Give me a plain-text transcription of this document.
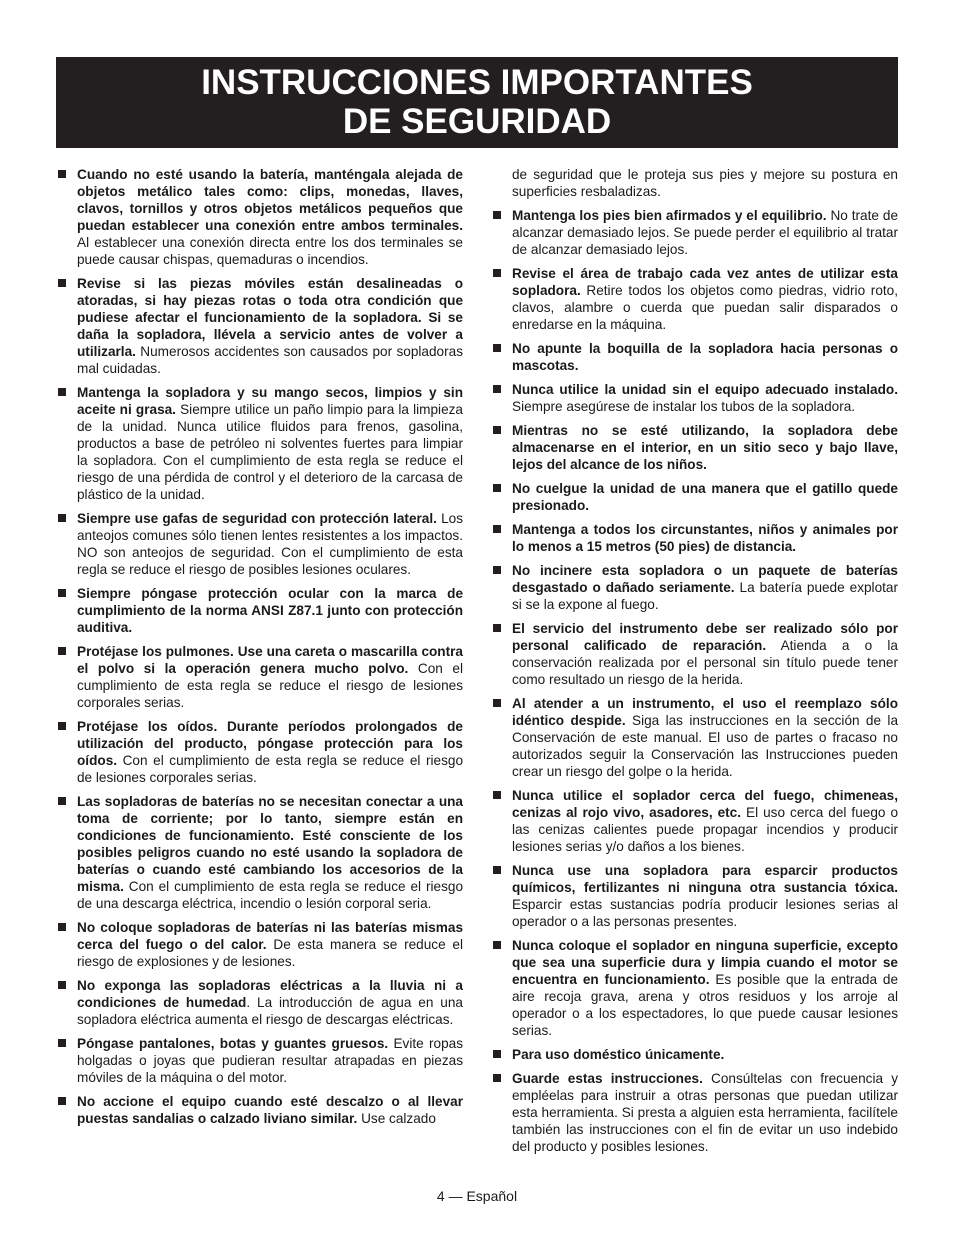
INSTRUCCIONES IMPORTANTES
DE SEGURIDAD
Cuando no esté usando la batería, manténgala alejada de objetos metálico tales como: clips, monedas, llaves, clavos, tornillos y otros objetos metálicos pequeños que puedan establecer una conexión entre ambos terminales. Al establecer una conexión directa entre los dos terminales se puede causar chispas, quemaduras o incendios.
Revise si las piezas móviles están desalineadas o atoradas, si hay piezas rotas o toda otra condición que pudiese afectar el funcionamiento de la sopladora. Si se daña la sopladora, llévela a servicio antes de volver a utilizarla. Numerosos accidentes son causados por sopladoras mal cuidadas.
Mantenga la sopladora y su mango secos, limpios y sin aceite ni grasa. Siempre utilice un paño limpio para la limpieza de la unidad. Nunca utilice fluidos para frenos, gasolina, productos a base de petróleo ni solventes fuertes para limpiar la sopladora. Con el cumplimiento de esta regla se reduce el riesgo de una pérdida de control y el deterioro de la carcasa de plástico de la unidad.
Siempre use gafas de seguridad con protección lateral. Los anteojos comunes sólo tienen lentes resistentes a los impactos. NO son anteojos de seguridad. Con el cumplimiento de esta regla se reduce el riesgo de posibles lesiones oculares.
Siempre póngase protección ocular con la marca de cumplimiento de la norma ANSI Z87.1 junto con protección auditiva.
Protéjase los pulmones. Use una careta o mascarilla contra el polvo si la operación genera mucho polvo. Con el cumplimiento de esta regla se reduce el riesgo de lesiones corporales serias.
Protéjase los oídos. Durante períodos prolongados de utilización del producto, póngase protección para los oídos. Con el cumplimiento de esta regla se reduce el riesgo de lesiones corporales serias.
Las sopladoras de baterías no se necesitan conectar a una toma de corriente; por lo tanto, siempre están en condiciones de funcionamiento. Esté consciente de los posibles peligros cuando no esté usando la sopladora de baterías o cuando esté cambiando los accesorios de la misma. Con el cumplimiento de esta regla se reduce el riesgo de una descarga eléctrica, incendio o lesión corporal seria.
No coloque sopladoras de baterías ni las baterías mismas cerca del fuego o del calor. De esta manera se reduce el riesgo de explosiones y de lesiones.
No exponga las sopladoras eléctricas a la lluvia ni a condiciones de humedad. La introducción de agua en una sopladora eléctrica aumenta el riesgo de descargas eléctricas.
Póngase pantalones, botas y guantes gruesos. Evite ropas holgadas o joyas que pudieran resultar atrapadas en piezas móviles de la máquina o del motor.
No accione el equipo cuando esté descalzo o al llevar puestas sandalias o calzado liviano similar. Use calzado
de seguridad que le proteja sus pies y mejore su postura en superficies resbaladizas.
Mantenga los pies bien afirmados y el equilibrio. No trate de alcanzar demasiado lejos. Se puede perder el equilibrio al tratar de alcanzar demasiado lejos.
Revise el área de trabajo cada vez antes de utilizar esta sopladora. Retire todos los objetos como piedras, vidrio roto, clavos, alambre o cuerda que puedan salir disparados o enredarse en la máquina.
No apunte la boquilla de la sopladora hacia personas o mascotas.
Nunca utilice la unidad sin el equipo adecuado instalado. Siempre asegúrese de instalar los tubos de la sopladora.
Mientras no se esté utilizando, la sopladora debe almacenarse en el interior, en un sitio seco y bajo llave, lejos del alcance de los niños.
No cuelgue la unidad de una manera que el gatillo quede presionado.
Mantenga a todos los circunstantes, niños y animales por lo menos a 15 metros (50 pies) de distancia.
No incinere esta sopladora o un paquete de baterías desgastado o dañado seriamente. La batería puede explotar si se la expone al fuego.
El servicio del instrumento debe ser realizado sólo por personal calificado de reparación. Atienda a o la conservación realizada por el personal sin título puede tener como resultado un riesgo de la herida.
Al atender a un instrumento, el uso el reemplazo sólo idéntico despide. Siga las instrucciones en la sección de la Conservación de este manual. El uso de partes o fracaso no autorizados seguir la Conservación las Instrucciones pueden crear un riesgo del golpe o la herida.
Nunca utilice el soplador cerca del fuego, chimeneas, cenizas al rojo vivo, asadores, etc. El uso cerca del fuego o las cenizas calientes puede propagar incendios y producir lesiones serias y/o daños a los bienes.
Nunca use una sopladora para esparcir productos químicos, fertilizantes ni ninguna otra sustancia tóxica. Esparcir estas sustancias podría producir lesiones serias al operador o a las personas presentes.
Nunca coloque el soplador en ninguna superficie, excepto que sea una superficie dura y limpia cuando el motor se encuentra en funcionamiento. Es posible que la entrada de aire recoja grava, arena y otros residuos y los arroje al operador o a los espectadores, lo que puede causar lesiones serias.
Para uso doméstico únicamente.
Guarde estas instrucciones. Consúltelas con frecuencia y empléelas para instruir a otras personas que puedan utilizar esta herramienta. Si presta a alguien esta herramienta, facilítele también las instrucciones con el fin de evitar un uso indebido del producto y posibles lesiones.
4 — Español
